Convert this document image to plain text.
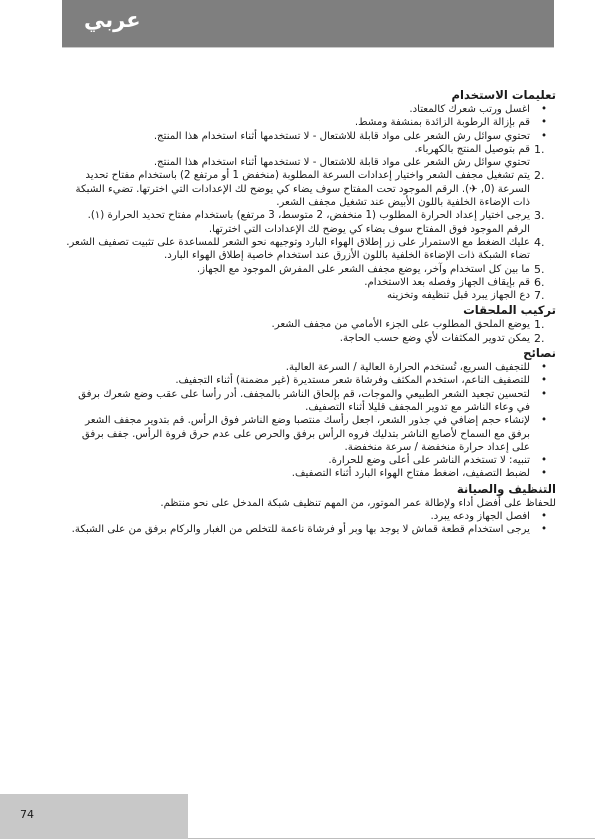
عربي
تعليمات الاستخدام
• اغسل ورتب شعرك كالمعتاد.
• قم بإزالة الرطوبة الزائدة بمنشفة ومشط.
• تحتوي سوائل رش الشعر على مواد قابلة للاشتعال - لا تستخدمها أثناء استخدام هذا المنتج.
1.
قم بتوصيل المنتج بالكهرباء.
تحتوي سوائل رش الشعر على مواد قابلة للاشتعال - لا تستخدمها أثناء استخدام هذا المنتج.
2.
يتم تشغيل مجفف الشعر واختيار إعدادات السرعة المطلوبة (منخفض 1 أو مرتفع 2) باستخدام مفتاح تحديد السرعة (0, ✈). الرقم الموجود تحت المفتاح سوف يضاء كي يوضح لك الإعدادات التي اخترتها. تضيء الشبكة ذات الإضاءة الخلفية باللون الأبيض عند تشغيل مجفف الشعر.
3.
يرجى اختيار إعداد الحرارة المطلوب (1 منخفض، 2 متوسط، 3 مرتفع) باستخدام مفتاح تحديد الحرارة (۱). الرقم الموجود فوق المفتاح سوف يضاء كي يوضح لك الإعدادات التي اخترتها.
4.
عليك الضغط مع الاستمرار على زر إطلاق الهواء البارد وتوجيهه نحو الشعر للمساعدة على تثبيت تصفيف الشعر. تضاء الشبكة ذات الإضاءة الخلفية باللون الأزرق عند استخدام خاصية إطلاق الهواء البارد.
5.
ما بين كل استخدام وآخر، يوضع مجفف الشعر على المفرش الموجود مع الجهاز.
6.
قم بإيقاف الجهاز وفصله بعد الاستخدام.
7.
دع الجهاز يبرد قبل تنظيفه وتخزينه
تركيب الملحقات
1.
يوضع الملحق المطلوب على الجزء الأمامي من مجفف الشعر.
2.
يمكن تدوير المكثفات لأي وضع حسب الحاجة.
نصائح
• للتجفيف السريع، تُستخدم الحرارة العالية / السرعة العالية.
• للتصفيف الناعم، استخدم المكثف وفرشاة شعر مستديرة (غير مضمنة) أثناء التجفيف.
• لتحسين تجعيد الشعر الطبيعي والموجات، قم بإلحاق الناشر بالمجفف. أدر رأسا على عقب وضع شعرك برفق في وعاء الناشر مع تدوير المجفف قليلا أثناء التصفيف.
• لإنشاء حجم إضافي في جذور الشعر، اجعل رأسك منتصبا وضع الناشر فوق الرأس. قم بتدوير مجفف الشعر برفق مع السماح لأصابع الناشر بتدليك فروه الرأس برفق والحرص على عدم حرق فروة الرأس. جفف برفق على إعداد حرارة منخفضة / سرعة منخفضة.
• تنبيه: لا تستخدم الناشر على أعلى وضع للحرارة.
• لضبط التصفيف، اضغط مفتاح الهواء البارد أثناء التصفيف.
التنظيف والصيانة
للحفاظ على أفضل أداء ولإطالة عمر الموتور، من المهم تنظيف شبكة المدخل على نحو منتظم.
• افصل الجهاز ودعه يبرد.
• يرجى استخدام قطعة قماش لا يوجد بها وبر أو فرشاة ناعمة للتخلص من الغبار والركام برفق من على الشبكة.
74
